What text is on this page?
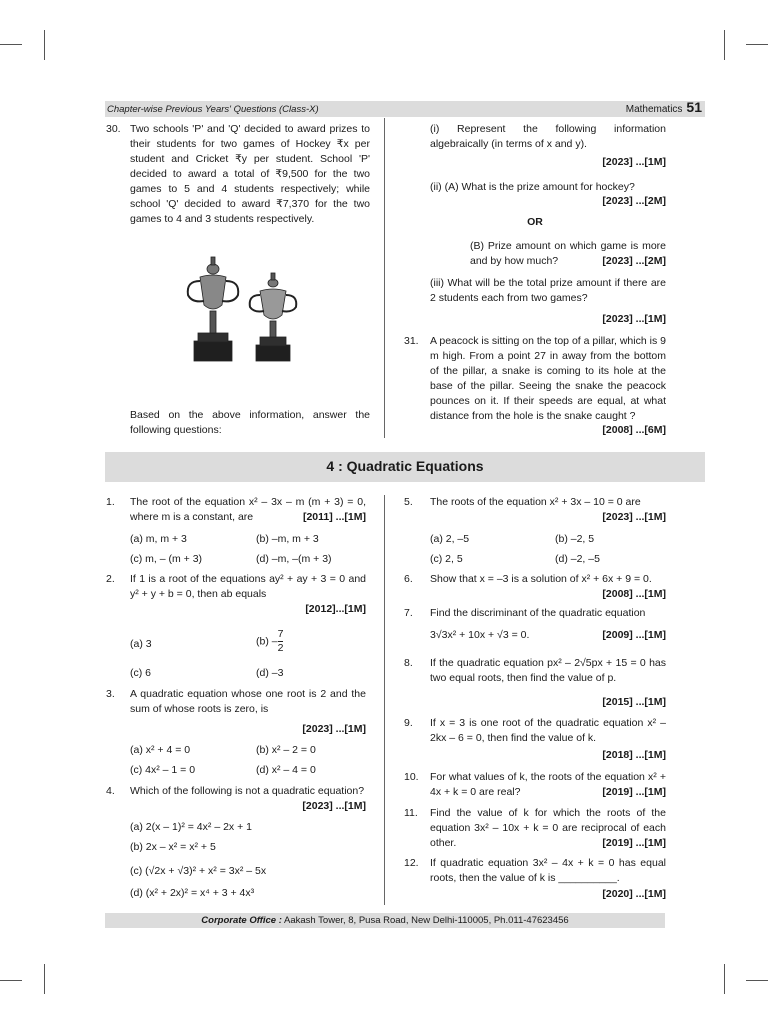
Chapter-wise Previous Years' Questions (Class-X)	Mathematics 51
30. Two schools 'P' and 'Q' decided to award prizes to their students for two games of Hockey ₹x per student and Cricket ₹y per student. School 'P' decided to award a total of ₹9,500 for the two games to 5 and 4 students respectively; while school 'Q' decided to award ₹7,370 for the two games to 4 and 3 students respectively.
Based on the above information, answer the following questions:
(i) Represent the following information algebraically (in terms of x and y).
[2023] ...[1M]
(ii) (A) What is the prize amount for hockey?
[2023] ...[2M]
OR
(B) Prize amount on which game is more and by how much?	[2023] ...[2M]
(iii) What will be the total prize amount if there are 2 students each from two games?
[2023] ...[1M]
31. A peacock is sitting on the top of a pillar, which is 9 m high. From a point 27 in away from the bottom of the pillar, a snake is coming to its hole at the base of the pillar. Seeing the snake the peacock pounces on it. If their speeds are equal, at what distance from the hole is the snake caught ?
[2008] ...[6M]
4 : Quadratic Equations
1. The root of the equation x² – 3x – m (m + 3) = 0, where m is a constant, are	[2011] ...[1M]
(a) m, m + 3	(b) –m, m + 3
(c) m, – (m + 3)	(d) –m, –(m + 3)
2. If 1 is a root of the equations ay² + ay + 3 = 0 and y² + y + b = 0, then ab equals
[2012]...[1M]
(a) 3	$(b) - \frac{7}{2}$
(c) 6	(d) –3
3. A quadratic equation whose one root is 2 and the sum of whose roots is zero, is
[2023] ...[1M]
(a) x² + 4 = 0	(b) x² – 2 = 0
(c) 4x² – 1 = 0	(d) x² – 4 = 0
4. Which of the following is not a quadratic equation?
[2023] ...[1M]
(a) 2(x – 1)² = 4x² – 2x + 1
(b) 2x – x² = x² + 5
(c) (√2x + √3)² + x² = 3x² – 5x
(d) (x² + 2x)² = x⁴ + 3 + 4x³
5. The roots of the equation x² + 3x – 10 = 0 are
[2023] ...[1M]
(a) 2, –5	(b) –2, 5
(c) 2, 5	(d) –2, –5
6. Show that x = –3 is a solution of x² + 6x + 9 = 0.
[2008] ...[1M]
7. Find the discriminant of the quadratic equation
3√3x² + 10x + √3 = 0.	[2009] ...[1M]
8. If the quadratic equation px² – 2√5px + 15 = 0 has two equal roots, then find the value of p.
[2015] ...[1M]
9. If x = 3 is one root of the quadratic equation x² – 2kx – 6 = 0, then find the value of k.
[2018] ...[1M]
10. For what values of k, the roots of the equation x² + 4x + k = 0 are real?	[2019] ...[1M]
11. Find the value of k for which the roots of the equation 3x² – 10x + k = 0 are reciprocal of each other.	[2019] ...[1M]
12. If quadratic equation 3x² – 4x + k = 0 has equal roots, then the value of k is __________.
[2020] ...[1M]
Corporate Office : Aakash Tower, 8, Pusa Road, New Delhi-110005, Ph.011-47623456
